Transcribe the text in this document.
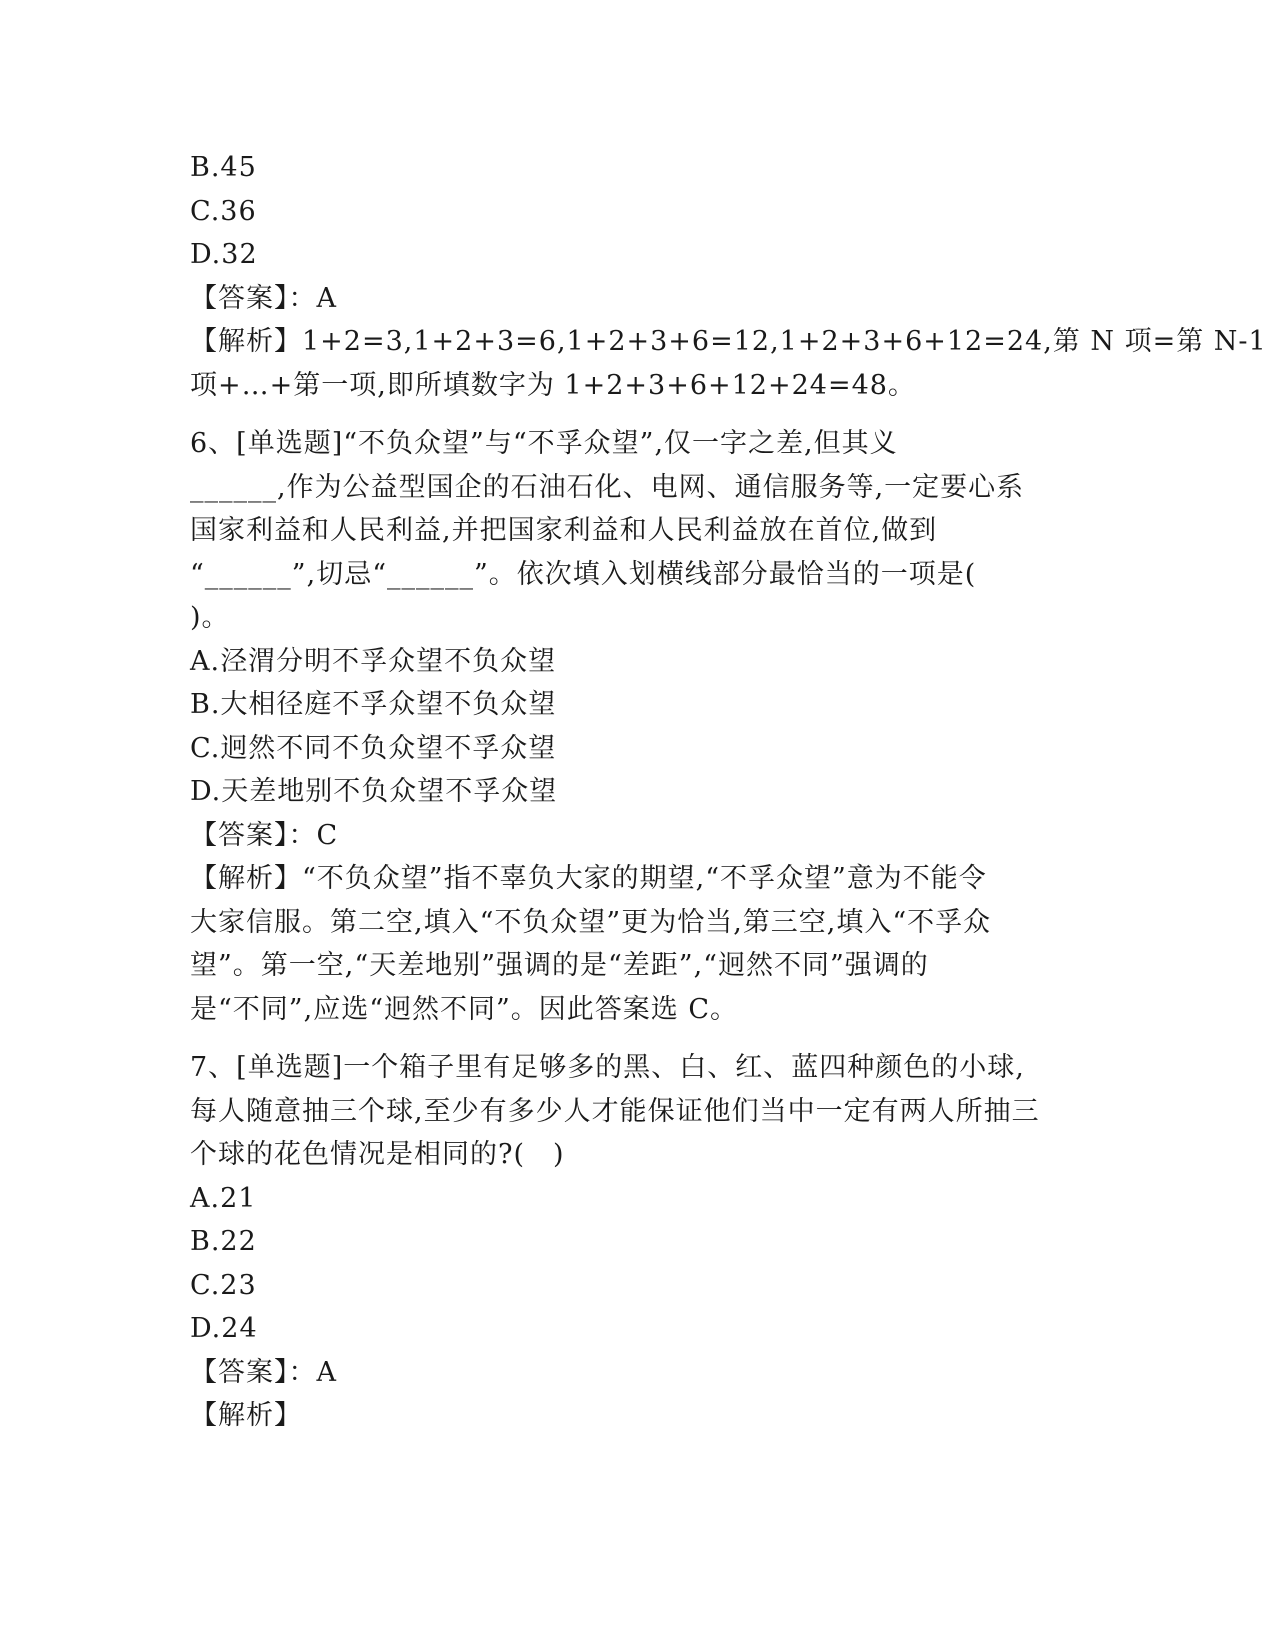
B.45
C.36
D.32
【答案】：A
【解析】1+2=3,1+2+3=6,1+2+3+6=12,1+2+3+6+12=24,第 N 项=第 N-1
项+…+第一项,即所填数字为 1+2+3+6+12+24=48。
6、[单选题]“不负众望”与“不孚众望”,仅一字之差,但其义
______,作为公益型国企的石油石化、电网、通信服务等,一定要心系
国家利益和人民利益,并把国家利益和人民利益放在首位,做到
“______”,切忌“______”。依次填入划横线部分最恰当的一项是(
)。
A.泾渭分明不孚众望不负众望
B.大相径庭不孚众望不负众望
C.迥然不同不负众望不孚众望
D.天差地别不负众望不孚众望
【答案】：C
【解析】“不负众望”指不辜负大家的期望,“不孚众望”意为不能令
大家信服。第二空,填入“不负众望”更为恰当,第三空,填入“不孚众
望”。第一空,“天差地别”强调的是“差距”,“迥然不同”强调的
是“不同”,应选“迥然不同”。因此答案选 C。
7、[单选题]一个箱子里有足够多的黑、白、红、蓝四种颜色的小球,
每人随意抽三个球,至少有多少人才能保证他们当中一定有两人所抽三
个球的花色情况是相同的?(　)
A.21
B.22
C.23
D.24
【答案】：A
【解析】
